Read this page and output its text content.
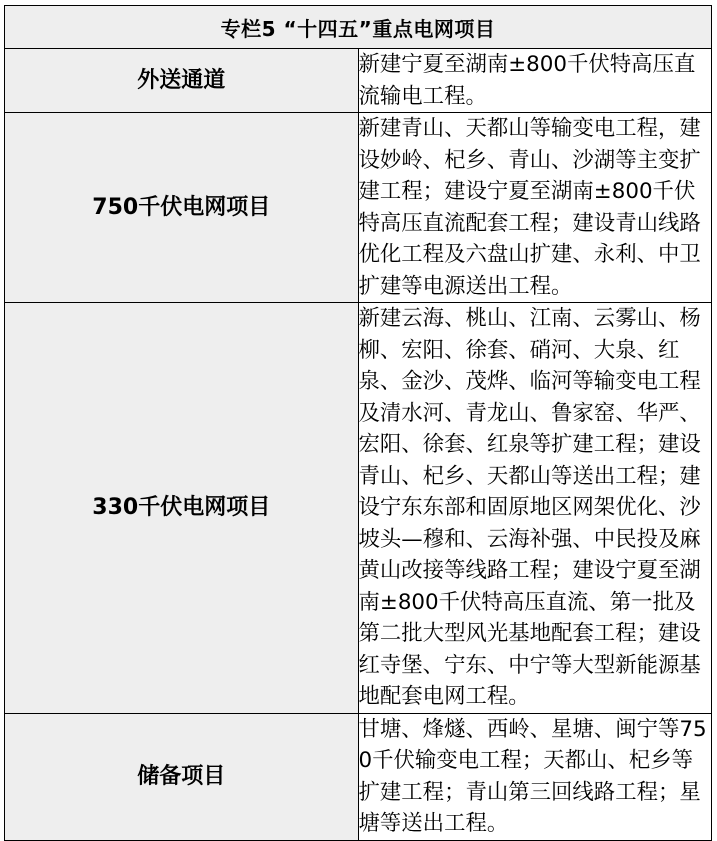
专栏5 “十四五”重点电网项目	
外送通道	新建宁夏至湖南±800千伏特高压直流输电工程。
750千伏电网项目	新建青山、天都山等输变电工程，建设妙岭、杞乡、青山、沙湖等主变扩建工程；建设宁夏至湖南±800千伏特高压直流配套工程；建设青山线路优化工程及六盘山扩建、永利、中卫扩建等电源送出工程。
330千伏电网项目	新建云海、桃山、江南、云雾山、杨柳、宏阳、徐套、硝河、大泉、红泉、金沙、茂烨、临河等输变电工程及清水河、青龙山、鲁家窑、华严、宏阳、徐套、红泉等扩建工程；建设青山、杞乡、天都山等送出工程；建设宁东东部和固原地区网架优化、沙坡头—穆和、云海补强、中民投及麻黄山改接等线路工程；建设宁夏至湖南±800千伏特高压直流、第一批及第二批大型风光基地配套工程；建设红寺堡、宁东、中宁等大型新能源基地配套电网工程。
储备项目	甘塘、烽燧、西岭、星塘、闽宁等750千伏输变电工程；天都山、杞乡等扩建工程；青山第三回线路工程；星塘等送出工程。
